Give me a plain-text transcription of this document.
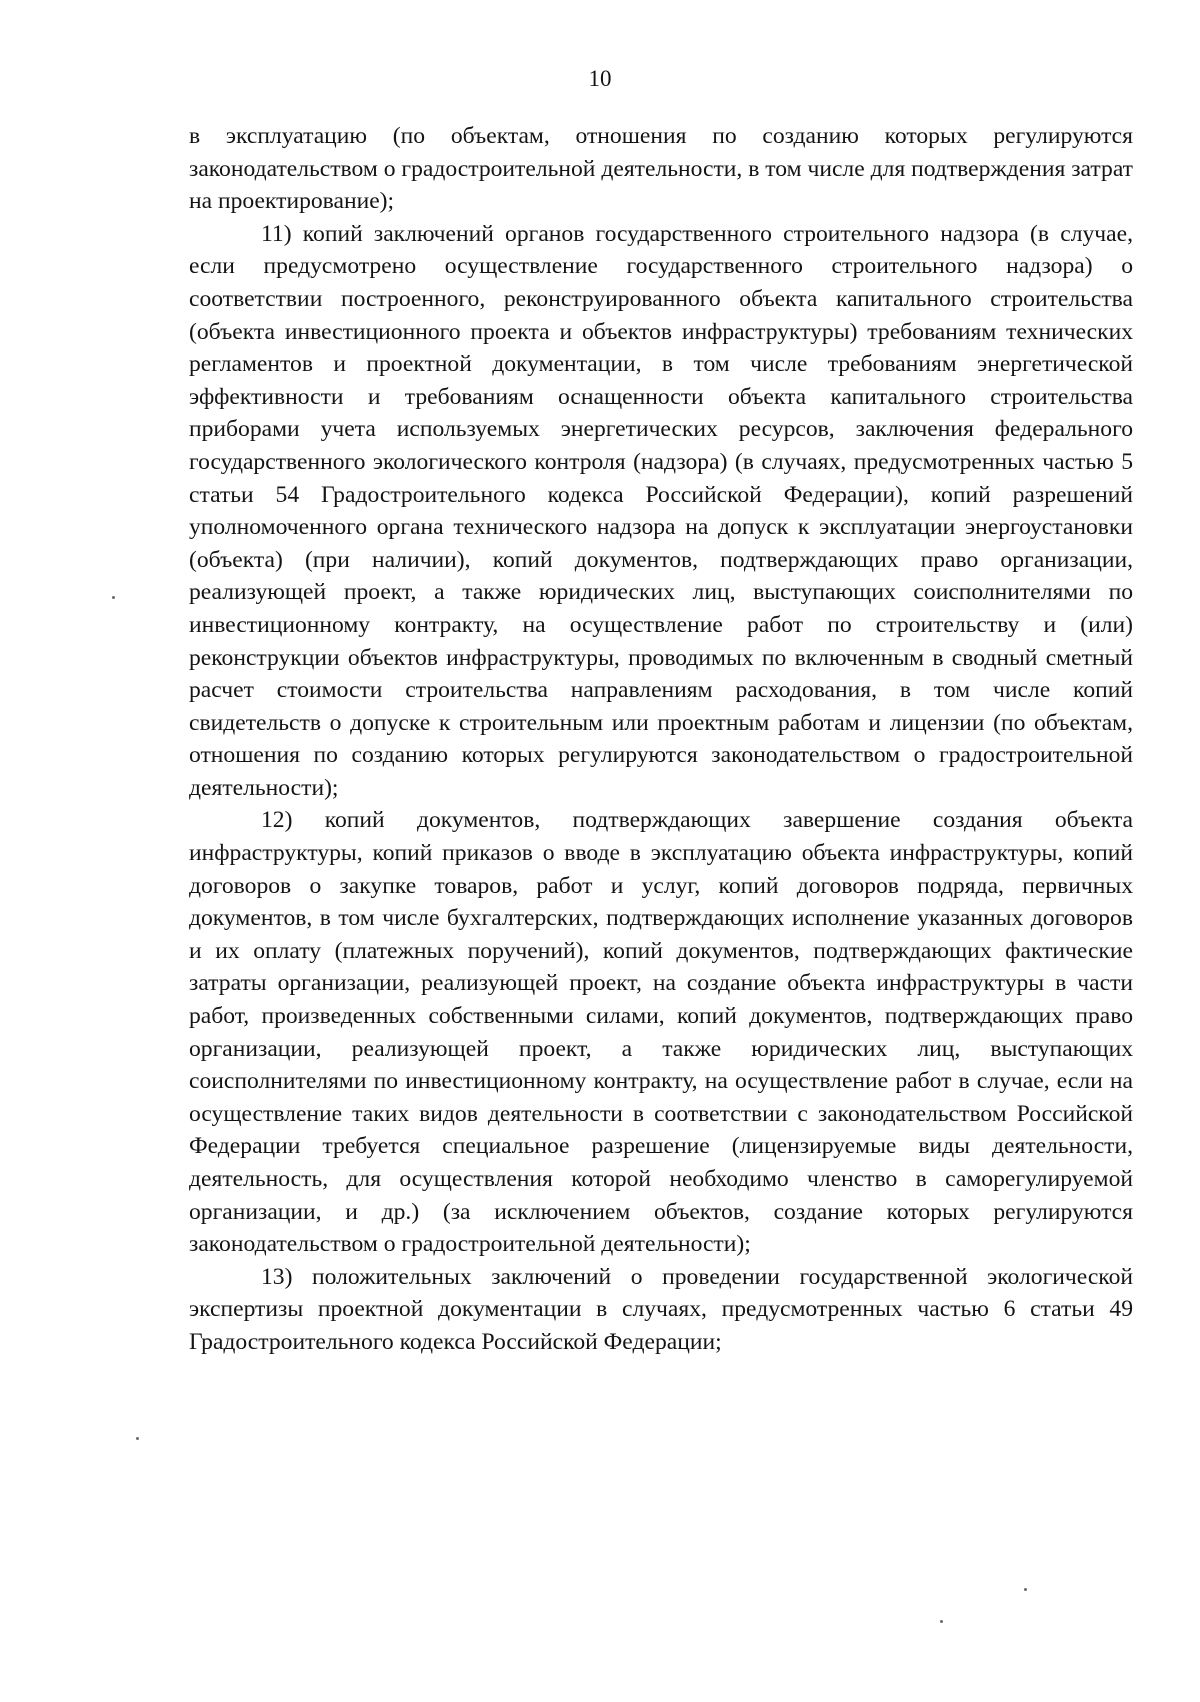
10

в эксплуатацию (по объектам, отношения по созданию которых регулируются законодательством о градостроительной деятельности, в том числе для подтверждения затрат на проектирование);

11) копий заключений органов государственного строительного надзора (в случае, если предусмотрено осуществление государственного строительного надзора) о соответствии построенного, реконструированного объекта капитального строительства (объекта инвестиционного проекта и объектов инфраструктуры) требованиям технических регламентов и проектной документации, в том числе требованиям энергетической эффективности и требованиям оснащенности объекта капитального строительства приборами учета используемых энергетических ресурсов, заключения федерального государственного экологического контроля (надзора) (в случаях, предусмотренных частью 5 статьи 54 Градостроительного кодекса Российской Федерации), копий разрешений уполномоченного органа технического надзора на допуск к эксплуатации энергоустановки (объекта) (при наличии), копий документов, подтверждающих право организации, реализующей проект, а также юридических лиц, выступающих соисполнителями по инвестиционному контракту, на осуществление работ по строительству и (или) реконструкции объектов инфраструктуры, проводимых по включенным в сводный сметный расчет стоимости строительства направлениям расходования, в том числе копий свидетельств о допуске к строительным или проектным работам и лицензии (по объектам, отношения по созданию которых регулируются законодательством о градостроительной деятельности);

12) копий документов, подтверждающих завершение создания объекта инфраструктуры, копий приказов о вводе в эксплуатацию объекта инфраструктуры, копий договоров о закупке товаров, работ и услуг, копий договоров подряда, первичных документов, в том числе бухгалтерских, подтверждающих исполнение указанных договоров и их оплату (платежных поручений), копий документов, подтверждающих фактические затраты организации, реализующей проект, на создание объекта инфраструктуры в части работ, произведенных собственными силами, копий документов, подтверждающих право организации, реализующей проект, а также юридических лиц, выступающих соисполнителями по инвестиционному контракту, на осуществление работ в случае, если на осуществление таких видов деятельности в соответствии с законодательством Российской Федерации требуется специальное разрешение (лицензируемые виды деятельности, деятельность, для осуществления которой необходимо членство в саморегулируемой организации, и др.) (за исключением объектов, создание которых регулируются законодательством о градостроительной деятельности);

13) положительных заключений о проведении государственной экологической экспертизы проектной документации в случаях, предусмотренных частью 6 статьи 49 Градостроительного кодекса Российской Федерации;
